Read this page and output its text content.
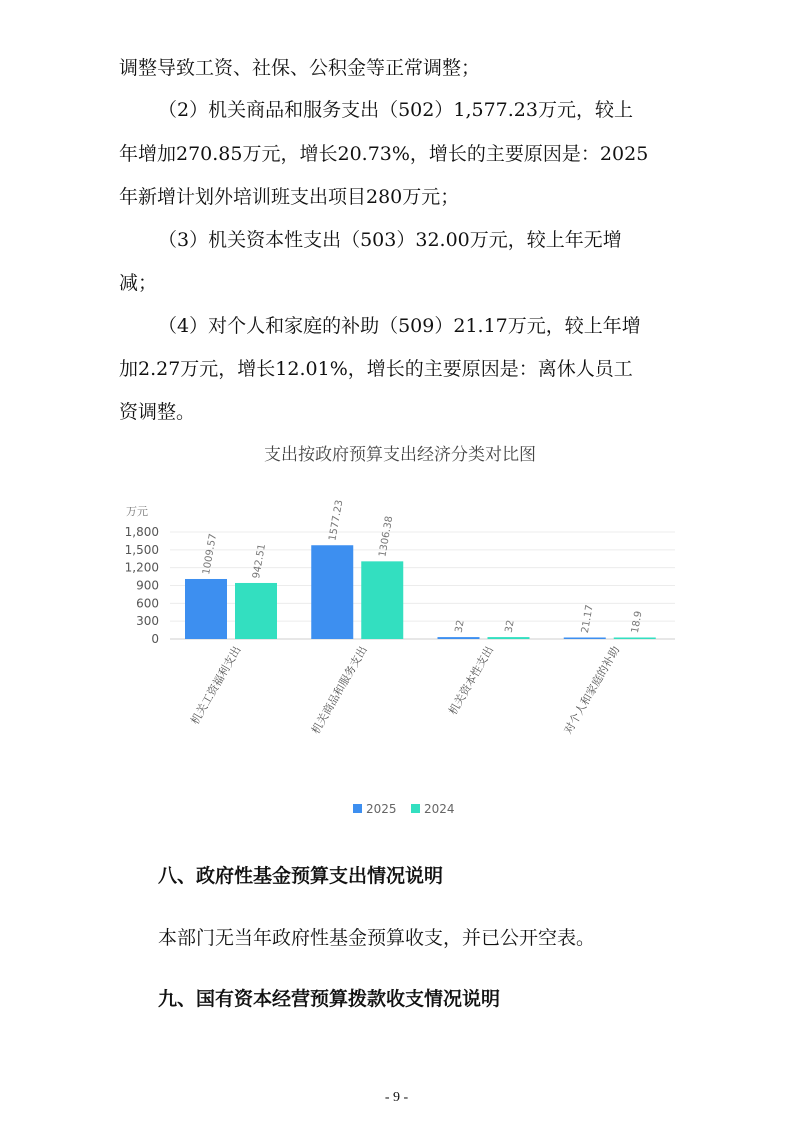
调整导致工资、社保、公积金等正常调整；

（2）机关商品和服务支出（502）1,577.23万元，较上

年增加270.85万元，增长20.73%，增长的主要原因是：2025

年新增计划外培训班支出项目280万元；

（3）机关资本性支出（503）32.00万元，较上年无增

减；

（4）对个人和家庭的补助（509）21.17万元，较上年增

加2.27万元，增长12.01%，增长的主要原因是：离休人员工

资调整。

支出按政府预算支出经济分类对比图
万元
0
300
600
900
1,200
1,500
1,800
1009.57	942.51
机关工资福利支出
1577.23	1306.38
机关商品和服务支出
32	32
机关资本性支出
21.17	18.9
对个人和家庭的补助
2025 2024

八、政府性基金预算支出情况说明

本部门无当年政府性基金预算收支，并已公开空表。

九、国有资本经营预算拨款收支情况说明

- 9 -
